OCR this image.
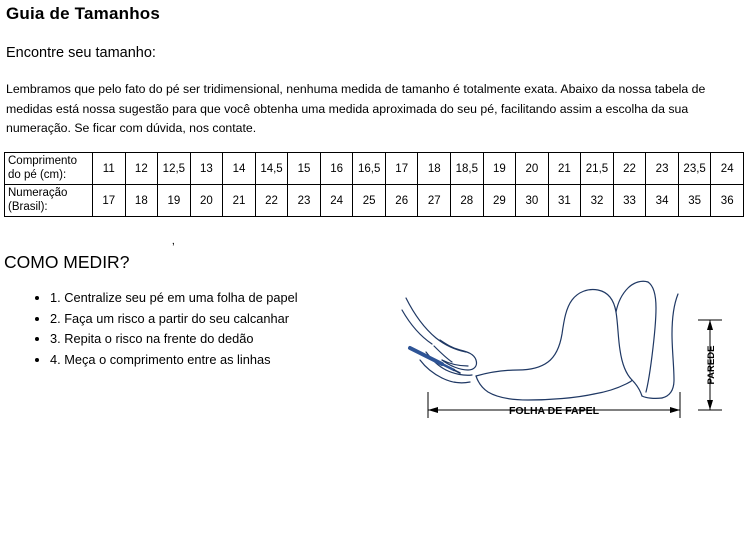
Guia de Tamanhos
Encontre seu tamanho:
Lembramos que pelo fato do pé ser tridimensional, nenhuma medida de tamanho é totalmente exata. Abaixo da nossa tabela de medidas está nossa sugestão para que você obtenha uma medida aproximada do seu pé, facilitando assim a escolha da sua numeração. Se ficar com dúvida, nos contate.
Comprimento do pé (cm):	11	12	12,5	13	14	14,5	15	16	16,5	17	18	18,5	19	20	21	21,5	22	23	23,5	24
Numeração (Brasil):	17	18	19	20	21	22	23	24	25	26	27	28	29	30	31	32	33	34	35	36
‚
COMO MEDIR?
• 1. Centralize seu pé em uma folha de papel
• 2. Faça um risco a partir do seu calcanhar
• 3. Repita o risco na frente do dedão
• 4. Meça o comprimento entre as linhas
FOLHA DE FAPEL
PAREDE
